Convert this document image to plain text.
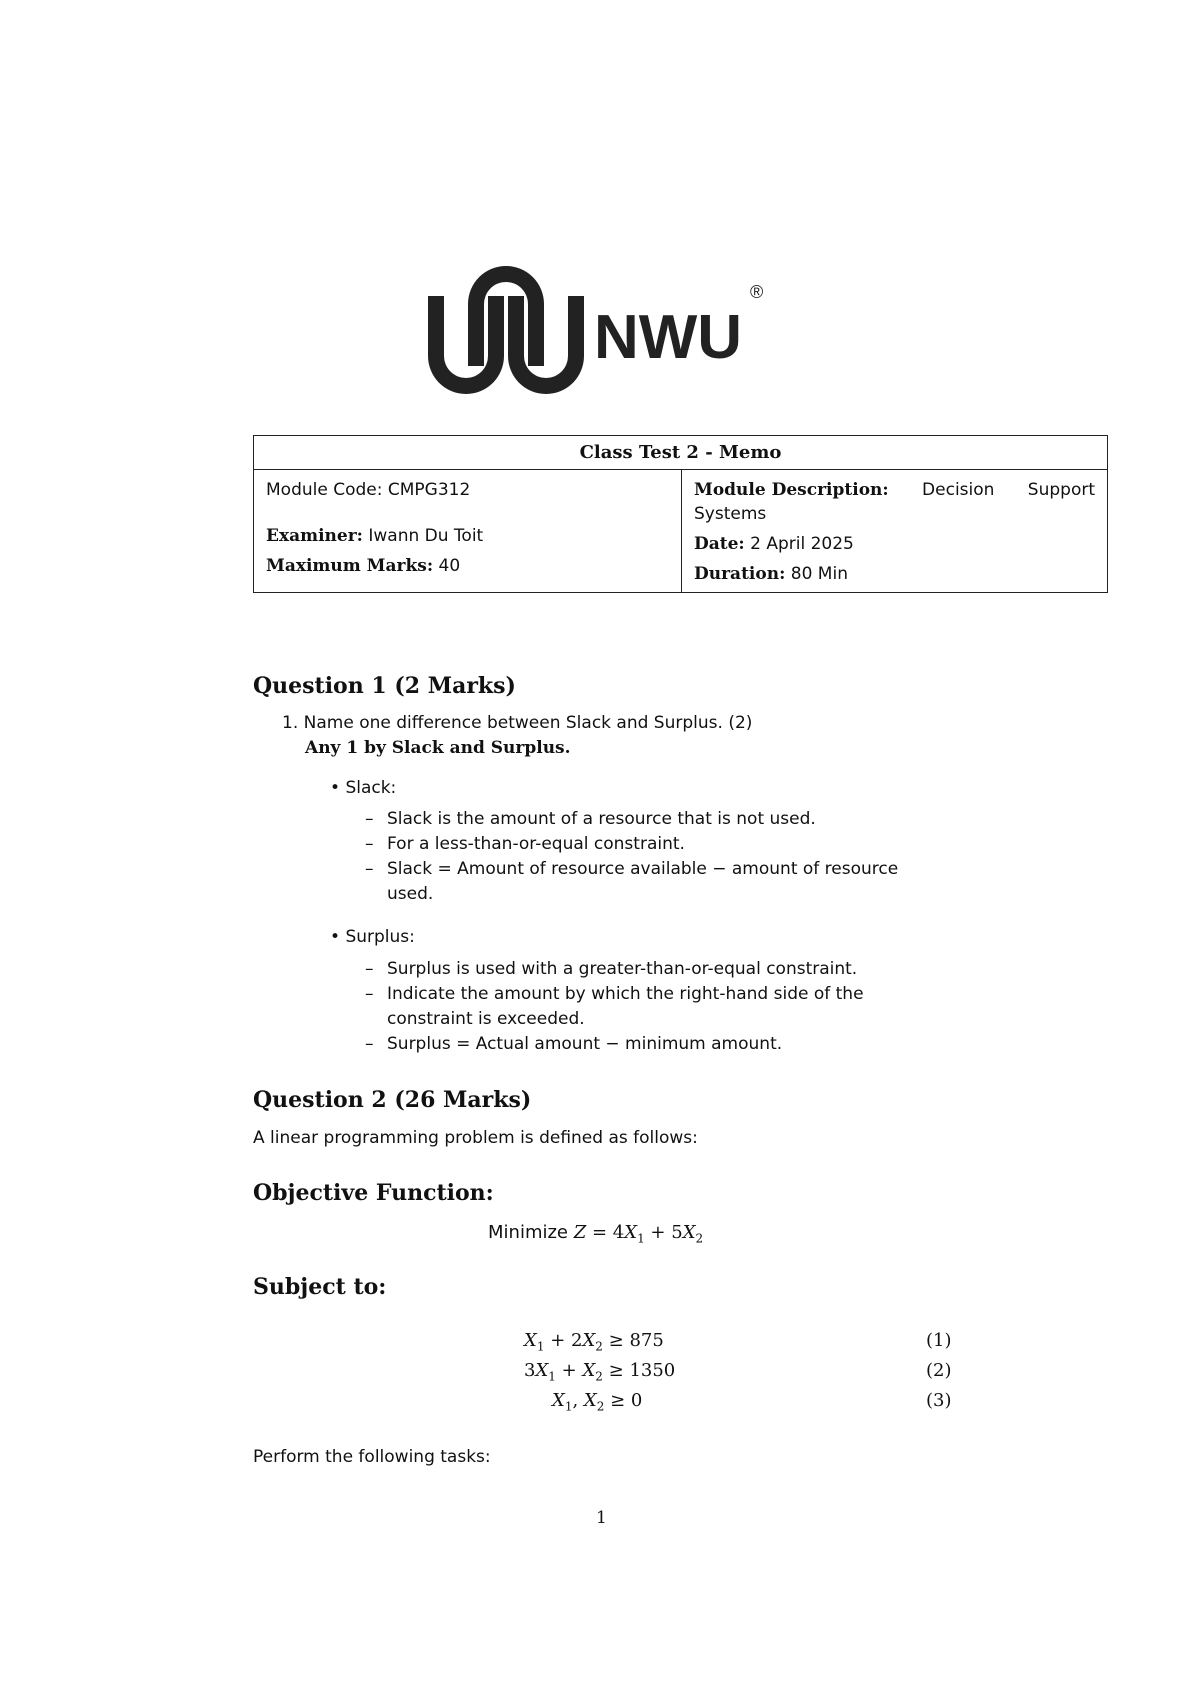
NWU
®
Class Test 2 - Memo

Module Code: CMPG312
Examiner: Iwann Du Toit
Maximum Marks: 40

Module Description: Decision Support
Systems
Date: 2 April 2025
Duration: 80 Min
Question 1 (2 Marks)
1. Name one difference between Slack and Surplus. (2)
Any 1 by Slack and Surplus.
• Slack:
– Slack is the amount of a resource that is not used.
– For a less-than-or-equal constraint.
– Slack = Amount of resource available − amount of resource used.
• Surplus:
– Surplus is used with a greater-than-or-equal constraint.
– Indicate the amount by which the right-hand side of the constraint is exceeded.
– Surplus = Actual amount − minimum amount.
Question 2 (26 Marks)
A linear programming problem is defined as follows:
Objective Function:
Minimize $Z = 4X_1 + 5X_2$
Subject to:
$X_1 + 2X_2 \ge 875$
$3X_1 + X_2 \ge 1350$
$X_1$, $X_2 \ge 0$
(1)
(2)
(3)
Perform the following tasks:
1
